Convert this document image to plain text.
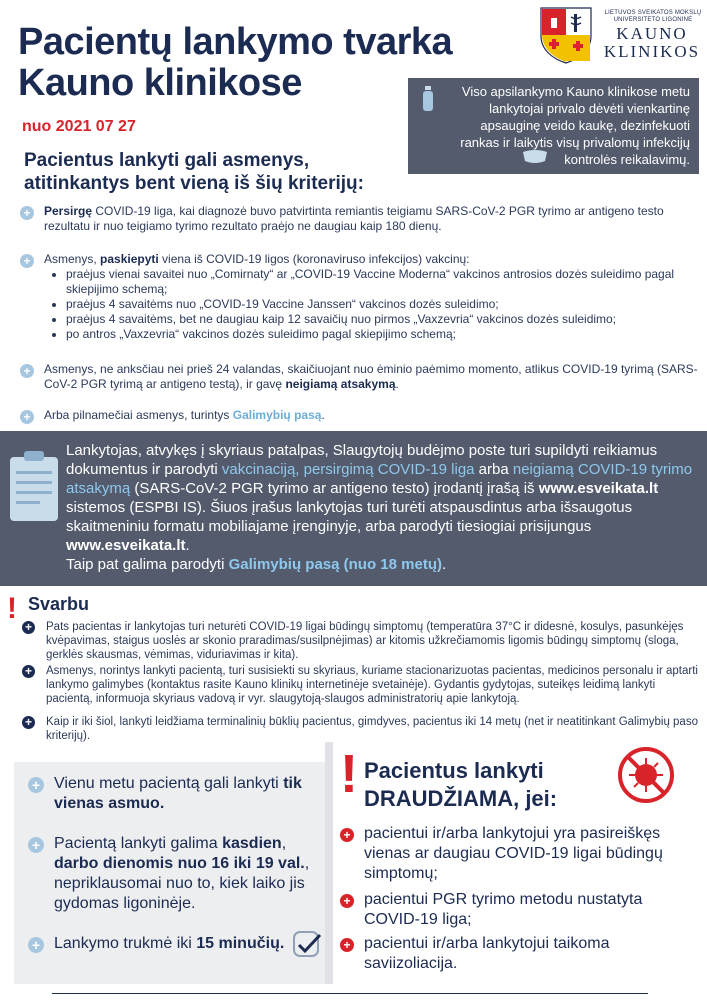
Pacientų lankymo tvarka
Kauno klinikose
nuo 2021 07 27
LIETUVOS SVEIKATOS MOKSLŲ
UNIVERSITETO LIGONINĖ
KAUNO
KLINIKOS
Viso apsilankymo Kauno klinikose metu lankytojai privalo dėvėti vienkartinę apsauginę veido kaukę, dezinfekuoti rankas ir laikytis visų privalomų infekcijų kontrolės reikalavimų.
Pacientus lankyti gali asmenys, atitinkantys bent vieną iš šių kriterijų:
+ Persirgę COVID-19 liga, kai diagnozė buvo patvirtinta remiantis teigiamu SARS-CoV-2 PGR tyrimo ar antigeno testo rezultatu ir nuo teigiamo tyrimo rezultato praėjo ne daugiau kaip 180 dienų.
+ Asmenys, paskiepyti viena iš COVID-19 ligos (koronaviruso infekcijos) vakcinų:
• praėjus vienai savaitei nuo „Comirnaty“ ar „COVID-19 Vaccine Moderna“ vakcinos antrosios dozės suleidimo pagal skiepijimo schemą;
• praėjus 4 savaitėms nuo „COVID-19 Vaccine Janssen“ vakcinos dozės suleidimo;
• praėjus 4 savaitėms, bet ne daugiau kaip 12 savaičių nuo pirmos „Vaxzevria“ vakcinos dozės suleidimo;
• po antros „Vaxzevria“ vakcinos dozės suleidimo pagal skiepijimo schemą;
+ Asmenys, ne anksčiau nei prieš 24 valandas, skaičiuojant nuo ėminio paėmimo momento, atlikus COVID-19 tyrimą (SARS-CoV-2 PGR tyrimą ar antigeno testą), ir gavę neigiamą atsakymą.
+ Arba pilnamečiai asmenys, turintys Galimybių pasą.
Lankytojas, atvykęs į skyriaus patalpas, Slaugytojų budėjmo poste turi supildyti reikiamus dokumentus ir parodyti vakcinaciją, persirgimą COVID-19 liga arba neigiamą COVID-19 tyrimo atsakymą (SARS-CoV-2 PGR tyrimo ar antigeno testo) įrodantį įrašą iš www.esveikata.lt sistemos (ESPBI IS). Šiuos įrašus lankytojas turi turėti atspausdintus arba išsaugotus skaitmeniniu formatu mobiliajame įrenginyje, arba parodyti tiesiogiai prisijungus www.esveikata.lt.
Taip pat galima parodyti Galimybių pasą (nuo 18 metų).
! Svarbu
+ Pats pacientas ir lankytojas turi neturėti COVID-19 ligai būdingų simptomų (temperatūra 37°C ir didesnė, kosulys, pasunkėjęs kvėpavimas, staigus uoslės ar skonio praradimas/susilpnėjimas) ar kitomis užkrečiamomis ligomis būdingų simptomų (sloga, gerklės skausmas, vėmimas, viduriavimas ir kita).
+ Asmenys, norintys lankyti pacientą, turi susisiekti su skyriaus, kuriame stacionarizuotas pacientas, medicinos personalu ir aptarti lankymo galimybes (kontaktus rasite Kauno klinikų internetinėje svetainėje). Gydantis gydytojas, suteikęs leidimą lankyti pacientą, informuoja skyriaus vadovą ir vyr. slaugytoją-slaugos administratorių apie lankytoją.
+ Kaip ir iki šiol, lankyti leidžiama terminalinių būklių pacientus, gimdyves, pacientus iki 14 metų (net ir neatitinkant Galimybių paso kriterijų).
+ Vienu metu pacientą gali lankyti tik vienas asmuo.
+ Pacientą lankyti galima kasdien, darbo dienomis nuo 16 iki 19 val., nepriklausomai nuo to, kiek laiko jis gydomas ligoninėje.
+ Lankymo trukmė iki 15 minučių.
! Pacientus lankyti
DRAUDŽIAMA, jei:
+ pacientui ir/arba lankytojui yra pasireiškęs vienas ar daugiau COVID-19 ligai būdingų simptomų;
+ pacientui PGR tyrimo metodu nustatyta COVID-19 liga;
+ pacientui ir/arba lankytojui taikoma saviizoliacija.
